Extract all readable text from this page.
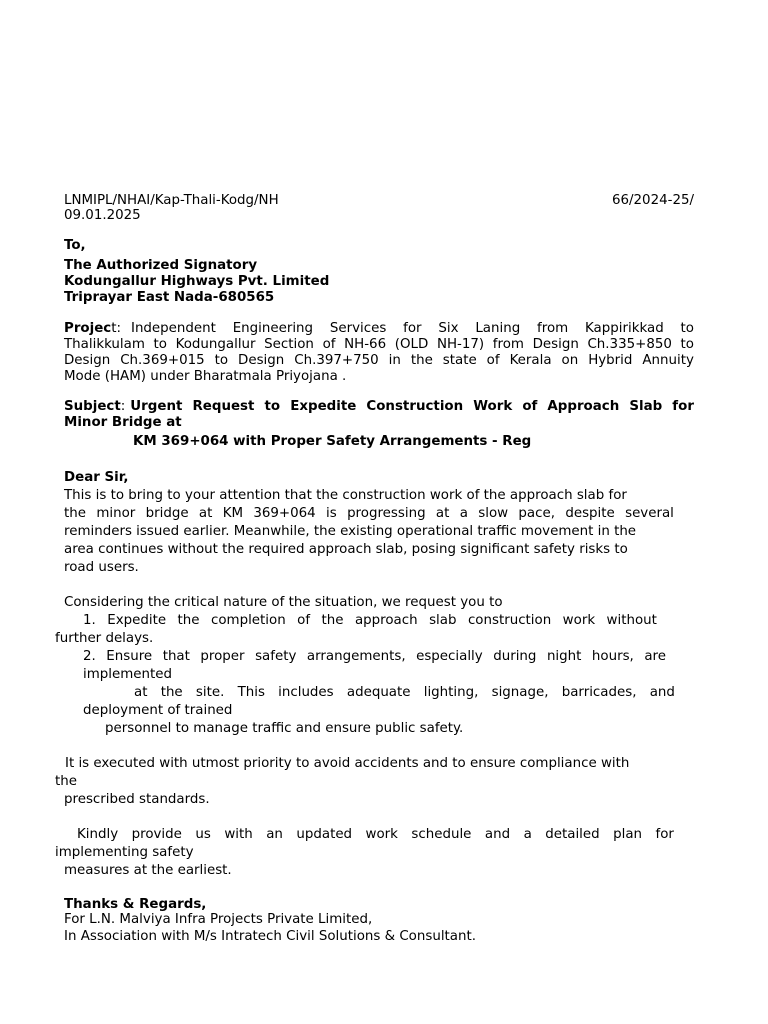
LNMIPL/NHAI/Kap-Thali-Kodg/NH	66/2024-25/
09.01.2025
To,
The Authorized Signatory
Kodungallur Highways Pvt. Limited
Triprayar East Nada-680565
Project: Independent Engineering Services for Six Laning from Kappirikkad to
Thalikkulam to Kodungallur Section of NH-66 (OLD NH-17) from Design Ch.335+850 to
Design Ch.369+015 to Design Ch.397+750 in the state of Kerala on Hybrid Annuity
Mode (HAM) under Bharatmala Priyojana .
Subject : Urgent Request to Expedite Construction Work of Approach Slab for
Minor Bridge at
KM 369+064 with Proper Safety Arrangements - Reg
Dear Sir,
This is to bring to your attention that the construction work of the approach slab for
the minor bridge at KM 369+064 is progressing at a slow pace, despite several
reminders issued earlier. Meanwhile, the existing operational traffic movement in the
area continues without the required approach slab, posing significant safety risks to
road users.
Considering the critical nature of the situation, we request you to
1. Expedite the completion of the approach slab construction work without
further delays.
2. Ensure that proper safety arrangements, especially during night hours, are
implemented
at the site. This includes adequate lighting, signage, barricades, and
deployment of trained
personnel to manage traffic and ensure public safety.
It is executed with utmost priority to avoid accidents and to ensure compliance with
the
prescribed standards.
Kindly provide us with an updated work schedule and a detailed plan for
implementing safety
measures at the earliest.
Thanks & Regards,
For L.N. Malviya Infra Projects Private Limited,
In Association with M/s Intratech Civil Solutions & Consultant.
